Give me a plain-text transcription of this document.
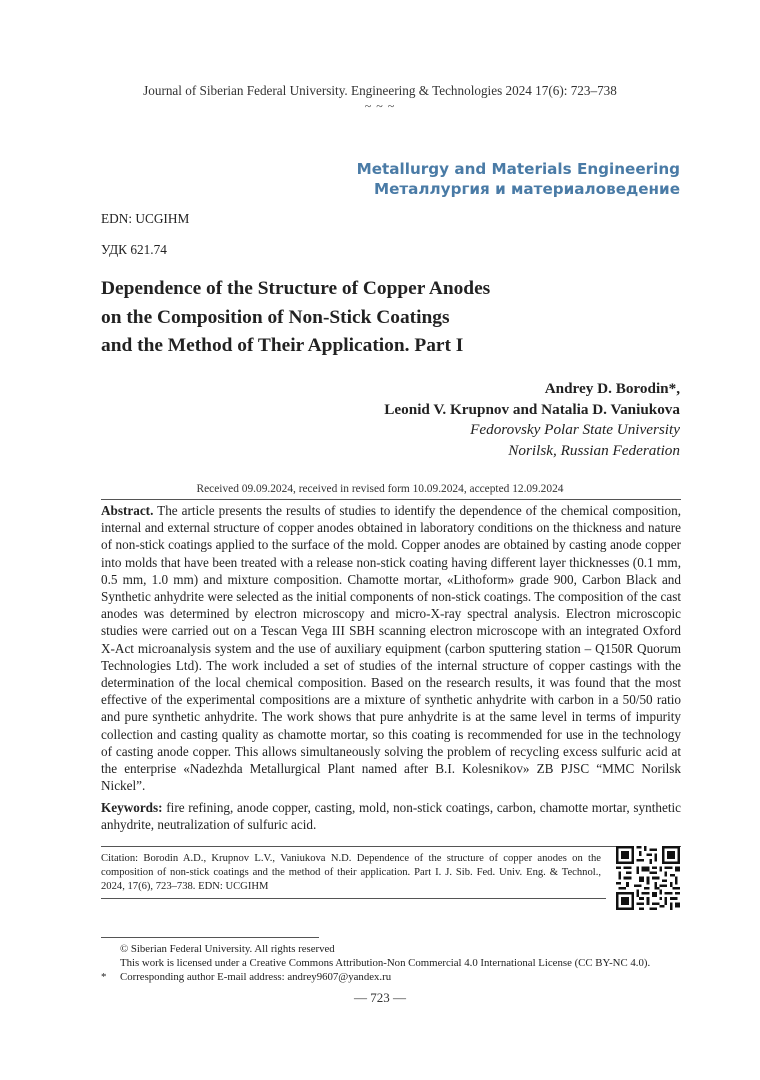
Journal of Siberian Federal University. Engineering & Technologies 2024 17(6): 723–738
~ ~ ~
Metallurgy and Materials Engineering
Металлургия и материаловедение
EDN: UCGIHM
УДК 621.74
Dependence of the Structure of Copper Anodes
on the Composition of Non-Stick Coatings
and the Method of Their Application. Part I
Andrey D. Borodin*,
Leonid V. Krupnov and Natalia D. Vaniukova
Fedorovsky Polar State University
Norilsk, Russian Federation
Received 09.09.2024, received in revised form 10.09.2024, accepted 12.09.2024
Abstract. The article presents the results of studies to identify the dependence of the chemical composition, internal and external structure of copper anodes obtained in laboratory conditions on the thickness and nature of non-stick coatings applied to the surface of the mold. Copper anodes are obtained by casting anode copper into molds that have been treated with a release non-stick coating having different layer thicknesses (0.1 mm, 0.5 mm, 1.0 mm) and mixture composition. Chamotte mortar, «Lithoform» grade 900, Carbon Black and Synthetic anhydrite were selected as the initial components of non-stick coatings. The composition of the cast anodes was determined by electron microscopy and micro-X-ray spectral analysis. Electron microscopic studies were carried out on a Tescan Vega III SBH scanning electron microscope with an integrated Oxford X-Act microanalysis system and the use of auxiliary equipment (carbon sputtering station – Q150R Quorum Technologies Ltd). The work included a set of studies of the internal structure of copper castings with the determination of the local chemical composition. Based on the research results, it was found that the most effective of the experimental compositions are a mixture of synthetic anhydrite with carbon in a 50/50 ratio and pure synthetic anhydrite. The work shows that pure anhydrite is at the same level in terms of impurity collection and casting quality as chamotte mortar, so this coating is recommended for use in the technology of casting anode copper. This allows simultaneously solving the problem of recycling excess sulfuric acid at the enterprise «Nadezhda Metallurgical Plant named after B.I. Kolesnikov» ZB PJSC “MMC Norilsk Nickel”.
Keywords: fire refining, anode copper, casting, mold, non-stick coatings, carbon, chamotte mortar, synthetic anhydrite, neutralization of sulfuric acid.
Citation: Borodin A.D., Krupnov L.V., Vaniukova N.D. Dependence of the structure of copper anodes on the composition of non-stick coatings and the method of their application. Part I. J. Sib. Fed. Univ. Eng. & Technol., 2024, 17(6), 723–738. EDN: UCGIHM
© Siberian Federal University. All rights reserved
This work is licensed under a Creative Commons Attribution-Non Commercial 4.0 International License (CC BY-NC 4.0).
* Corresponding author E-mail address: andrey9607@yandex.ru
— 723 —
